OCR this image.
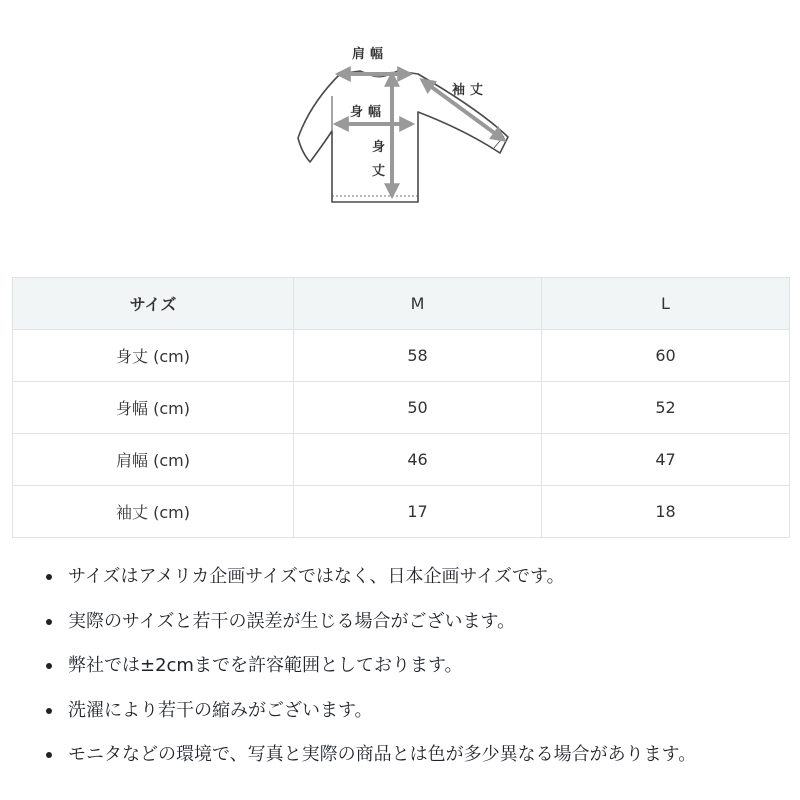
肩幅
袖丈
身幅
身
丈
サイズ	M	L
身丈 (cm)	58	60
身幅 (cm)	50	52
肩幅 (cm)	46	47
袖丈 (cm)	17	18
サイズはアメリカ企画サイズではなく、日本企画サイズです。
実際のサイズと若干の誤差が生じる場合がございます。
弊社では±2cmまでを許容範囲としております。
洗濯により若干の縮みがございます。
モニタなどの環境で、写真と実際の商品とは色が多少異なる場合があります。
